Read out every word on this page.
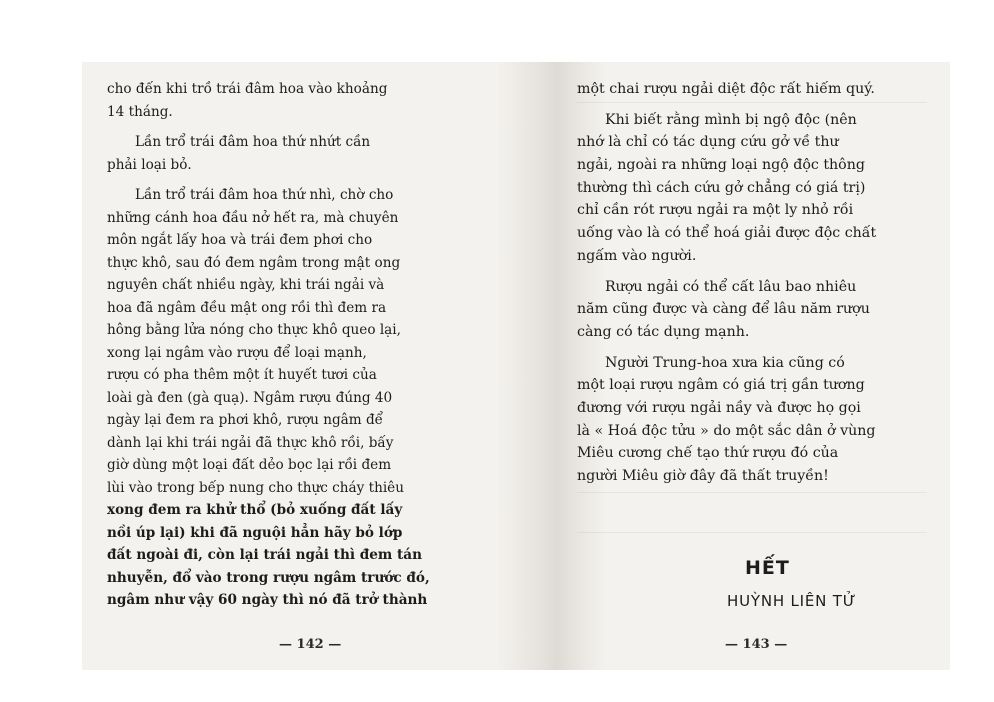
cho đến khi trồ trái đâm hoa vào khoảng
14 tháng.
Lần trổ trái đâm hoa thứ nhứt cần
phải loại bỏ.
Lần trổ trái đâm hoa thứ nhì, chờ cho
những cánh hoa đầu nở hết ra, mà chuyên
môn ngắt lấy hoa và trái đem phơi cho
thực khô, sau đó đem ngâm trong mật ong
nguyên chất nhiều ngày, khi trái ngải và
hoa đã ngâm đều mật ong rồi thì đem ra
hông bằng lửa nóng cho thực khô queo lại,
xong lại ngâm vào rượu để loại mạnh,
rượu có pha thêm một ít huyết tươi của
loài gà đen (gà quạ). Ngâm rượu đúng 40
ngày lại đem ra phơi khô, rượu ngâm để
dành lại khi trái ngải đã thực khô rồi, bấy
giờ dùng một loại đất dẻo bọc lại rồi đem
lùi vào trong bếp nung cho thực cháy thiêu
xong đem ra khử thổ (bỏ xuống đất lấy
nồi úp lại) khi đã nguội hẳn hãy bỏ lớp
đất ngoài đi, còn lại trái ngải thì đem tán
nhuyễn, đổ vào trong rượu ngâm trước đó,
ngâm như vậy 60 ngày thì nó đã trở thành
— 142 —
một chai rượu ngải diệt độc rất hiếm quý.
Khi biết rằng mình bị ngộ độc (nên
nhớ là chỉ có tác dụng cứu gở về thư
ngải, ngoài ra những loại ngộ độc thông
thường thì cách cứu gở chẳng có giá trị)
chỉ cần rót rượu ngải ra một ly nhỏ rồi
uống vào là có thể hoá giải được độc chất
ngấm vào người.
Rượu ngải có thể cất lâu bao nhiêu
năm cũng được và càng để lâu năm rượu
càng có tác dụng mạnh.
Người Trung-hoa xưa kia cũng có
một loại rượu ngâm có giá trị gần tương
đương với rượu ngải nầy và được họ gọi
là « Hoá độc tửu » do một sắc dân ở vùng
Miêu cương chế tạo thứ rượu đó của
người Miêu giờ đây đã thất truyền!
HẾT
HUỲNH LIÊN TỬ
— 143 —
